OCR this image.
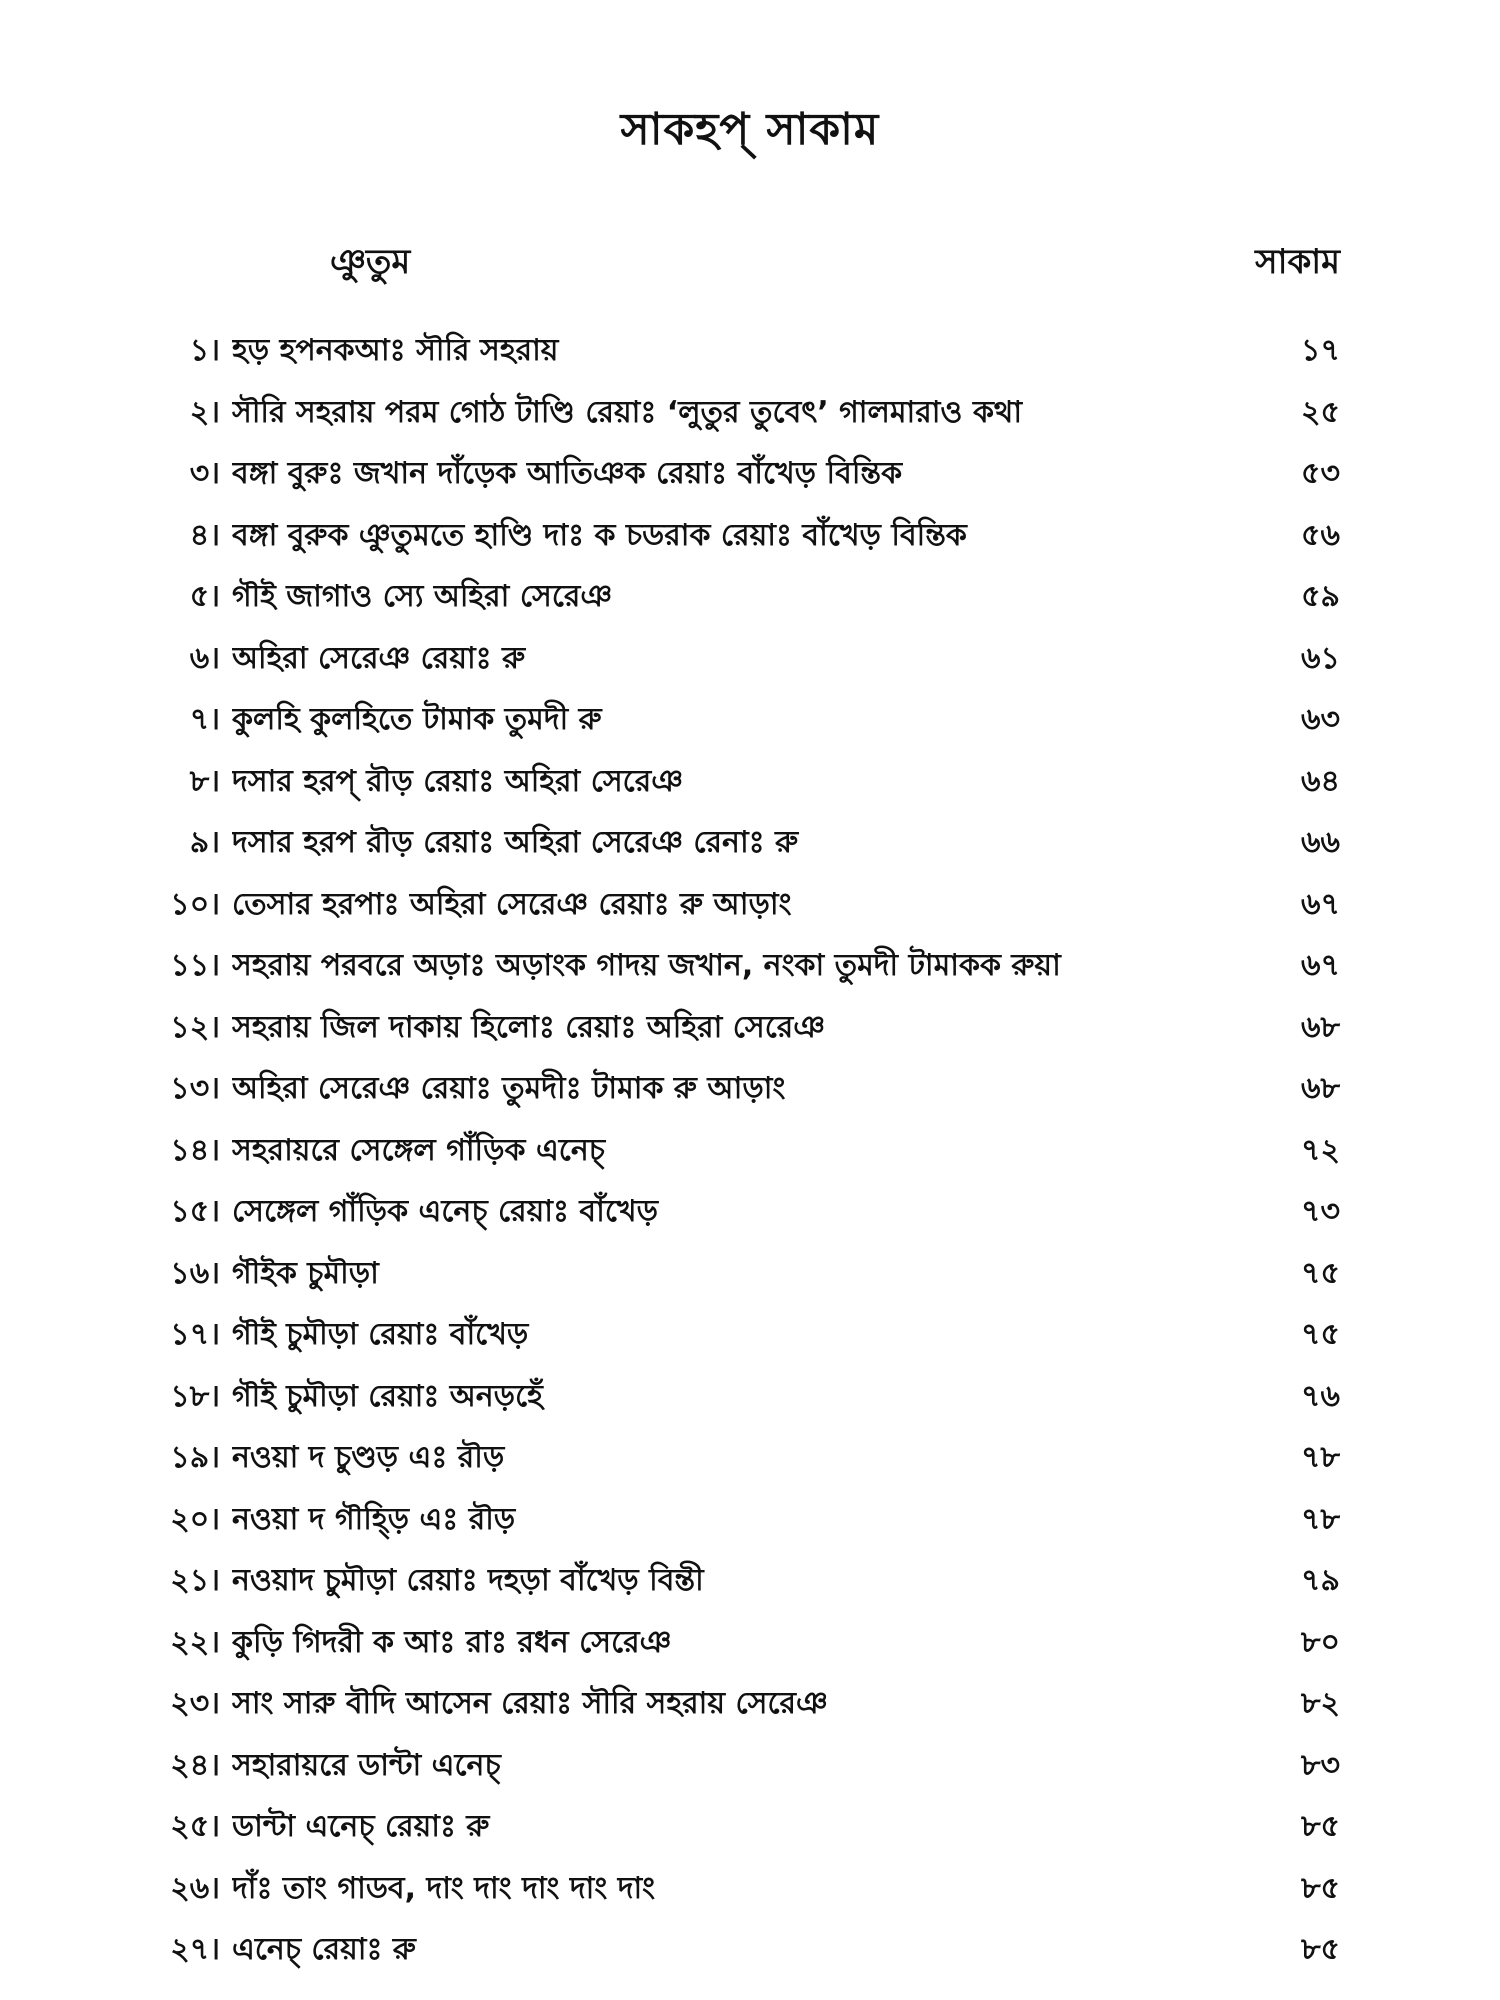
সাকহপ্ সাকাম
ঞুতুম	সাকাম
১। হড় হপনকআঃ সৗরি সহরায়	১৭
২। সৗরি সহরায় পরম গোঠ টাণ্ডি রেয়াঃ ‘লুতুর তুবেৎ’ গালমারাও কথা	২৫
৩। বঙ্গা বুরুঃ জখান দাঁড়েক আতিঞক রেয়াঃ বাঁখেড় বিন্তিক	৫৩
৪। বঙ্গা বুরুক ঞুতুমতে হাণ্ডি দাঃ ক চডরাক রেয়াঃ বাঁখেড় বিন্তিক	৫৬
৫। গৗই জাগাও স্যে অহিরা সেরেঞ	৫৯
৬। অহিরা সেরেঞ রেয়াঃ রু	৬১
৭। কুলহি কুলহিতে টামাক তুমদী রু	৬৩
৮। দসার হরপ্ রৗড় রেয়াঃ অহিরা সেরেঞ	৬৪
৯। দসার হরপ রৗড় রেয়াঃ অহিরা সেরেঞ রেনাঃ রু	৬৬
১০। তেসার হরপাঃ অহিরা সেরেঞ রেয়াঃ রু আড়াং	৬৭
১১। সহরায় পরবরে অড়াঃ অড়াংক গাদয় জখান, নংকা তুমদী টামাকক রুয়া	৬৭
১২। সহরায় জিল দাকায় হিলোঃ রেয়াঃ অহিরা সেরেঞ	৬৮
১৩। অহিরা সেরেঞ রেয়াঃ তুমদীঃ টামাক রু আড়াং	৬৮
১৪। সহরায়রে সেঙ্গেল গাঁড়িক এনেচ্	৭২
১৫। সেঙ্গেল গাঁড়িক এনেচ্ রেয়াঃ বাঁখেড়	৭৩
১৬। গৗইক চুমৗড়া	৭৫
১৭। গৗই চুমৗড়া রেয়াঃ বাঁখেড়	৭৫
১৮। গৗই চুমৗড়া রেয়াঃ অনড়হেঁ	৭৬
১৯। নওয়া দ চুণ্ডড় এঃ রৗড়	৭৮
২০। নওয়া দ গৗহ্ড়ি এঃ রৗড়	৭৮
২১। নওয়াদ চুমৗড়া রেয়াঃ দহড়া বাঁখেড় বিন্তী	৭৯
২২। কুড়ি গিদরী ক আঃ রাঃ রধন সেরেঞ	৮০
২৩। সাং সারু বৗদি আসেন রেয়াঃ সৗরি সহরায় সেরেঞ	৮২
২৪। সহারায়রে ডান্টা এনেচ্	৮৩
২৫। ডান্টা এনেচ্ রেয়াঃ রু	৮৫
২৬। দাঁঃ তাং গাডব, দাং দাং দাং দাং দাং	৮৫
২৭। এনেচ্ রেয়াঃ রু	৮৫
